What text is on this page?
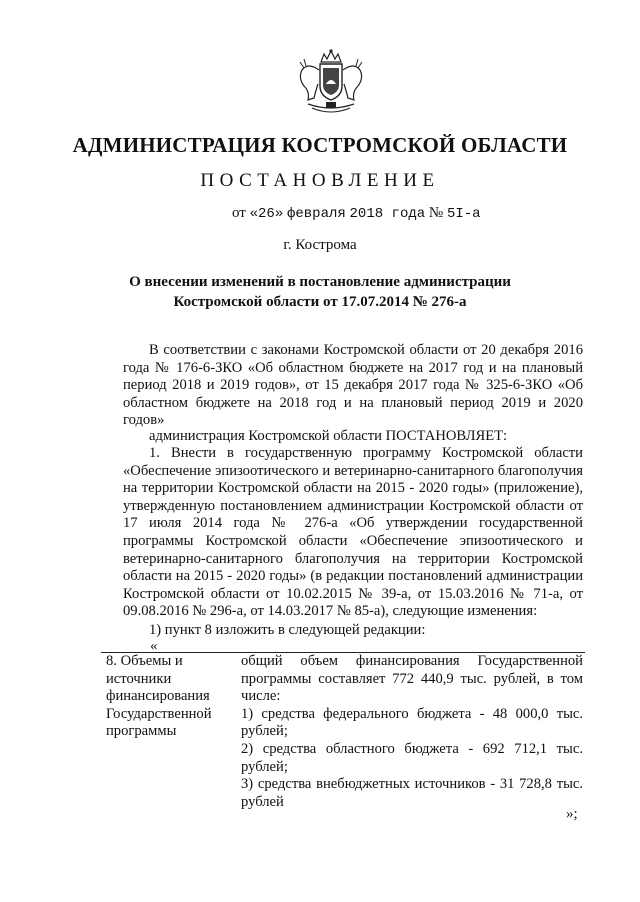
АДМИНИСТРАЦИЯ КОСТРОМСКОЙ ОБЛАСТИ
ПОСТАНОВЛЕНИЕ
от «26» февраля 2018 года № 5I-а
г. Кострома
О внесении изменений в постановление администрации
Костромской области от 17.07.2014 № 276-а

В соответствии с законами Костромской области от 20 декабря 2016 года № 176-6-ЗКО «Об областном бюджете на 2017 год и на плановый период 2018 и 2019 годов», от 15 декабря 2017 года № 325-6-ЗКО «Об областном бюджете на 2018 год и на плановый период 2019 и 2020 годов»

администрация Костромской области ПОСТАНОВЛЯЕТ:

1. Внести в государственную программу Костромской области «Обеспечение эпизоотического и ветеринарно-санитарного благополучия на территории Костромской области на 2015 - 2020 годы» (приложение), утвержденную постановлением администрации Костромской области от 17 июля 2014 года № 276-а «Об утверждении государственной программы Костромской области «Обеспечение эпизоотического и ветеринарно-санитарного благополучия на территории Костромской области на 2015 - 2020 годы» (в редакции постановлений администрации Костромской области от 10.02.2015 № 39-а, от 15.03.2016 № 71-а, от 09.08.2016 № 296-а, от 14.03.2017 № 85-а), следующие изменения:

1) пункт 8 изложить в следующей редакции:

«
8. Объемы и
источники
финансирования
Государственной
программы
общий объем финансирования Государственной программы составляет 772 440,9 тыс. рублей, в том числе:
1) средства федерального бюджета - 48 000,0 тыс. рублей;
2) средства областного бюджета - 692 712,1 тыс. рублей;
3) средства внебюджетных источников - 31 728,8 тыс. рублей
»;
